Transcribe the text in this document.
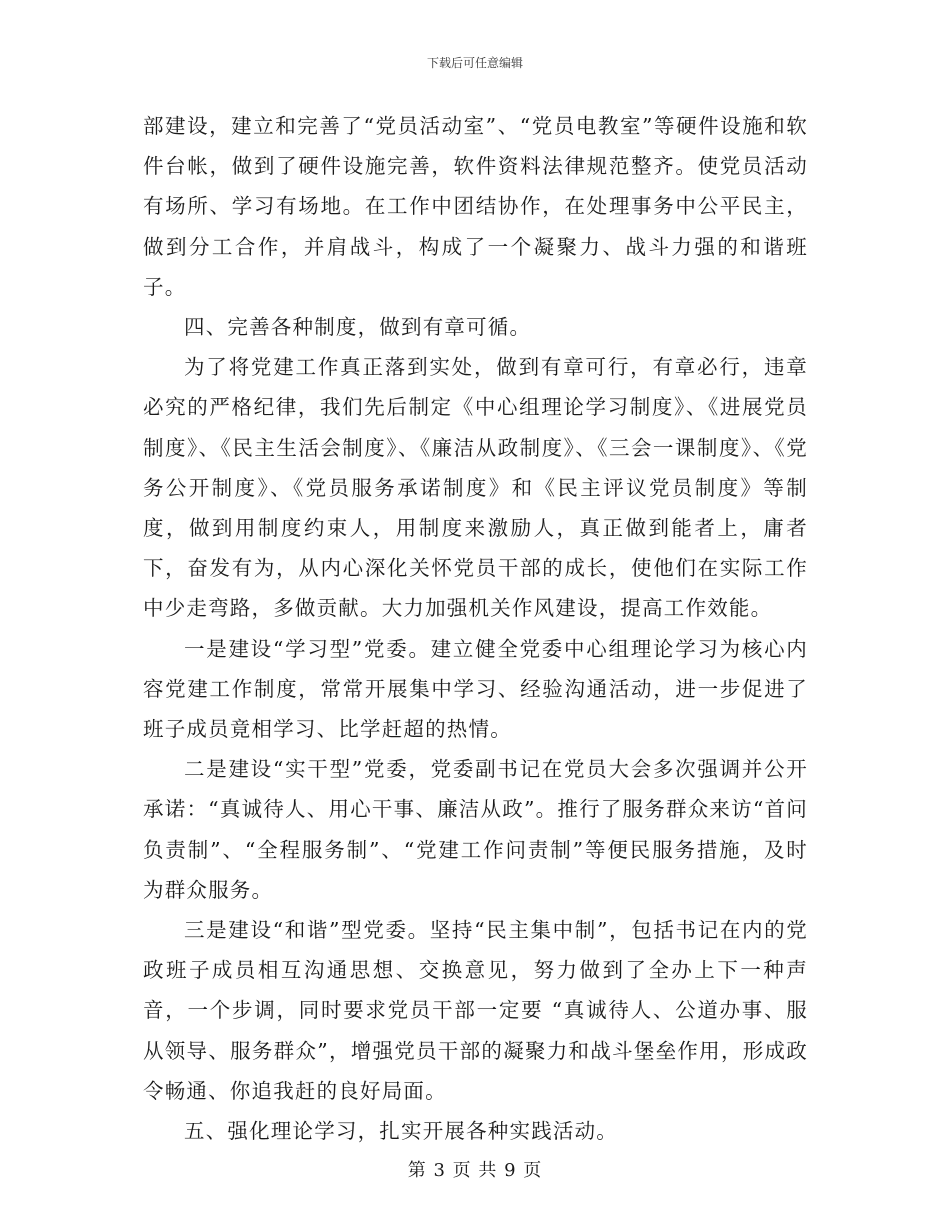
下载后可任意编辑

部建设，建立和完善了“党员活动室”、“党员电教室”等硬件设施和软件台帐，做到了硬件设施完善，软件资料法律规范整齐。使党员活动有场所、学习有场地。在工作中团结协作，在处理事务中公平民主，做到分工合作，并肩战斗，构成了一个凝聚力、战斗力强的和谐班子。

四、完善各种制度，做到有章可循。

为了将党建工作真正落到实处，做到有章可行，有章必行，违章必究的严格纪律，我们先后制定《中心组理论学习制度》、《进展党员制度》、《民主生活会制度》、《廉洁从政制度》、《三会一课制度》、《党务公开制度》、《党员服务承诺制度》和《民主评议党员制度》等制度，做到用制度约束人，用制度来激励人，真正做到能者上，庸者下，奋发有为，从内心深化关怀党员干部的成长，使他们在实际工作中少走弯路，多做贡献。大力加强机关作风建设，提高工作效能。

一是建设“学习型”党委。建立健全党委中心组理论学习为核心内容党建工作制度，常常开展集中学习、经验沟通活动，进一步促进了班子成员竟相学习、比学赶超的热情。

二是建设“实干型”党委，党委副书记在党员大会多次强调并公开承诺：“真诚待人、用心干事、廉洁从政”。推行了服务群众来访“首问负责制”、“全程服务制”、“党建工作问责制”等便民服务措施，及时为群众服务。

三是建设“和谐”型党委。坚持“民主集中制”，包括书记在内的党政班子成员相互沟通思想、交换意见，努力做到了全办上下一种声音，一个步调，同时要求党员干部一定要 “真诚待人、公道办事、服从领导、服务群众”，增强党员干部的凝聚力和战斗堡垒作用，形成政令畅通、你追我赶的良好局面。

五、强化理论学习，扎实开展各种实践活动。

第 3 页 共 9 页
